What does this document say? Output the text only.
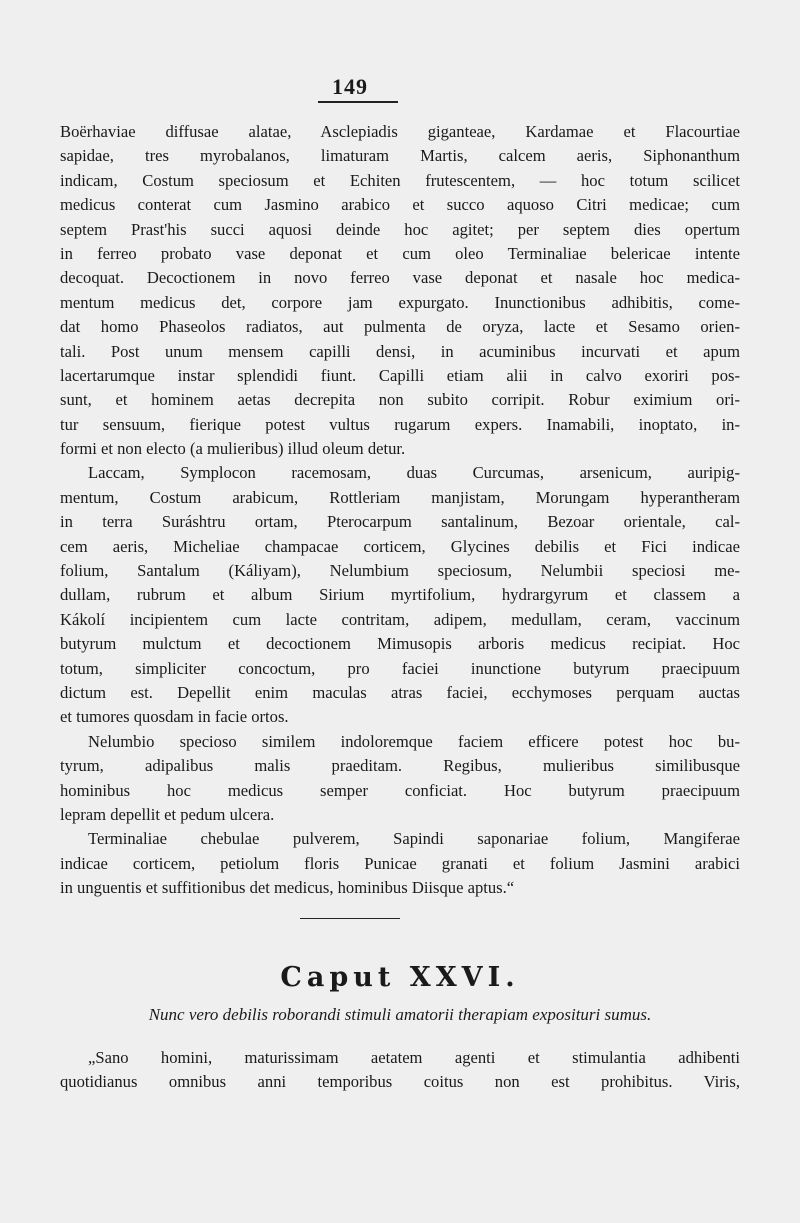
149
Boërhaviae diffusae alatae, Asclepiadis giganteae, Kardamae et Flacourtiae
sapidae, tres myrobalanos, limaturam Martis, calcem aeris, Siphonanthum
indicam, Costum speciosum et Echiten frutescentem, — hoc totum scilicet
medicus conterat cum Jasmino arabico et succo aquoso Citri medicae; cum
septem Prast'his succi aquosi deinde hoc agitet; per septem dies opertum
in ferreo probato vase deponat et cum oleo Terminaliae belericae intente
decoquat. Decoctionem in novo ferreo vase deponat et nasale hoc medica-
mentum medicus det, corpore jam expurgato. Inunctionibus adhibitis, come-
dat homo Phaseolos radiatos, aut pulmenta de oryza, lacte et Sesamo orien-
tali. Post unum mensem capilli densi, in acuminibus incurvati et apum
lacertarumque instar splendidi fiunt. Capilli etiam alii in calvo exoriri pos-
sunt, et hominem aetas decrepita non subito corripit. Robur eximium ori-
tur sensuum, fierique potest vultus rugarum expers. Inamabili, inoptato, in-
formi et non electo (a mulieribus) illud oleum detur.
Laccam, Symplocon racemosam, duas Curcumas, arsenicum, auripig-
mentum, Costum arabicum, Rottleriam manjistam, Morungam hyperantheram
in terra Suráshtru ortam, Pterocarpum santalinum, Bezoar orientale, cal-
cem aeris, Micheliae champacae corticem, Glycines debilis et Fici indicae
folium, Santalum (Káliyam), Nelumbium speciosum, Nelumbii speciosi me-
dullam, rubrum et album Sirium myrtifolium, hydrargyrum et classem a
Kákolí incipientem cum lacte contritam, adipem, medullam, ceram, vaccinum
butyrum mulctum et decoctionem Mimusopis arboris medicus recipiat. Hoc
totum, simpliciter concoctum, pro faciei inunctione butyrum praecipuum
dictum est. Depellit enim maculas atras faciei, ecchymoses perquam auctas
et tumores quosdam in facie ortos.
Nelumbio specioso similem indoloremque faciem efficere potest hoc bu-
tyrum, adipalibus malis praeditam. Regibus, mulieribus similibusque
hominibus hoc medicus semper conficiat. Hoc butyrum praecipuum
lepram depellit et pedum ulcera.
Terminaliae chebulae pulverem, Sapindi saponariae folium, Mangiferae
indicae corticem, petiolum floris Punicae granati et folium Jasmini arabici
in unguentis et suffitionibus det medicus, hominibus Diisque aptus.“
Caput XXVI.
Nunc vero debilis roborandi stimuli amatorii therapiam exposituri sumus.
„Sano homini, maturissimam aetatem agenti et stimulantia adhibenti
quotidianus omnibus anni temporibus coitus non est prohibitus. Viris,
